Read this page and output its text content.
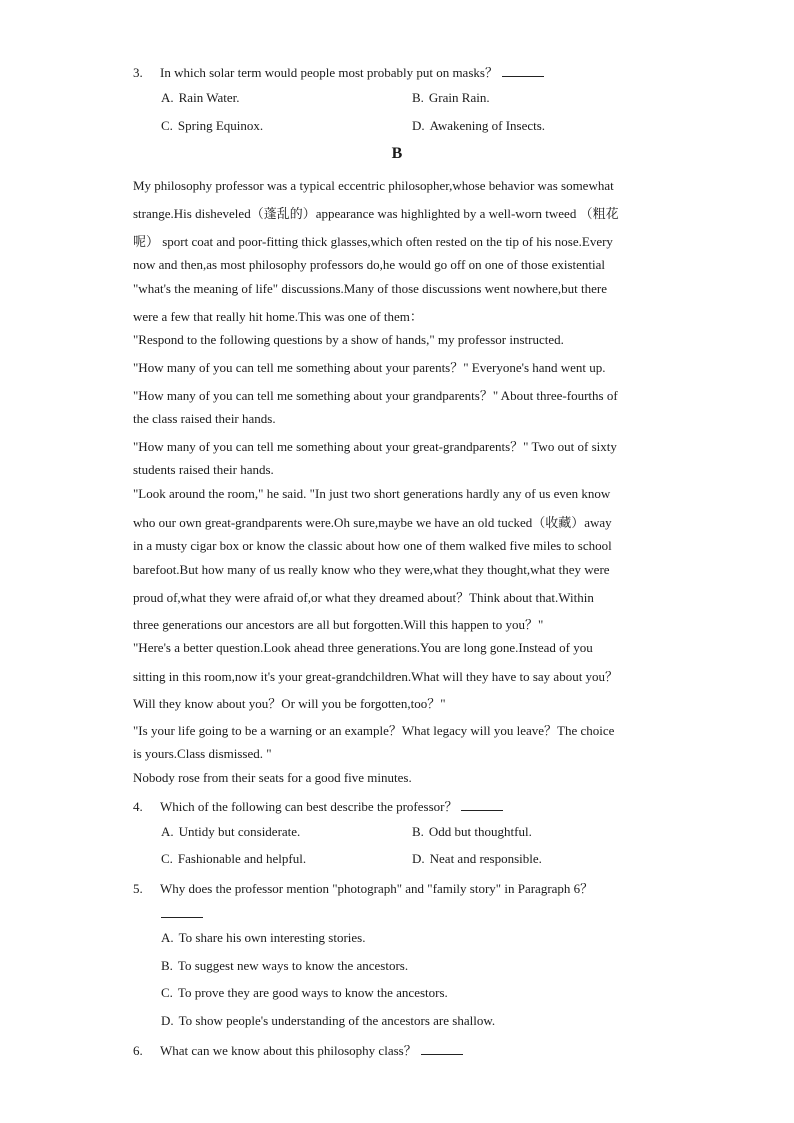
3. In which solar term would people most probably put on masks？
A. Rain Water.	B. Grain Rain.
C. Spring Equinox.	D. Awakening of Insects.
B
My philosophy professor was a typical eccentric philosopher,whose behavior was somewhat
strange.His disheveled（蓬乱的）appearance was highlighted by a well-worn tweed （粗花
呢） sport coat and poor-fitting thick glasses,which often rested on the tip of his nose.Every
now and then,as most philosophy professors do,he would go off on one of those existential
"what's the meaning of life" discussions.Many of those discussions went nowhere,but there
were a few that really hit home.This was one of them：
"Respond to the following questions by a show of hands," my professor instructed.
"How many of you can tell me something about your parents？" Everyone's hand went up.
"How many of you can tell me something about your grandparents？" About three-fourths of
the class raised their hands.
"How many of you can tell me something about your great-grandparents？" Two out of sixty
students raised their hands.
"Look around the room," he said. "In just two short generations hardly any of us even know
who our own great-grandparents were.Oh sure,maybe we have an old tucked（收藏）away
in a musty cigar box or know the classic about how one of them walked five miles to school
barefoot.But how many of us really know who they were,what they thought,what they were
proud of,what they were afraid of,or what they dreamed about？Think about that.Within
three generations our ancestors are all but forgotten.Will this happen to you？"
"Here's a better question.Look ahead three generations.You are long gone.Instead of you
sitting in this room,now it's your great-grandchildren.What will they have to say about you？
Will they know about you？Or will you be forgotten,too？"
"Is your life going to be a warning or an example？What legacy will you leave？The choice
is yours.Class dismissed. "
Nobody rose from their seats for a good five minutes.
4. Which of the following can best describe the professor？
A. Untidy but considerate.	B. Odd but thoughtful.
C. Fashionable and helpful.	D. Neat and responsible.
5. Why does the professor mention "photograph" and "family story" in Paragraph 6？
A. To share his own interesting stories.
B. To suggest new ways to know the ancestors.
C. To prove they are good ways to know the ancestors.
D. To show people's understanding of the ancestors are shallow.
6. What can we know about this philosophy class？
